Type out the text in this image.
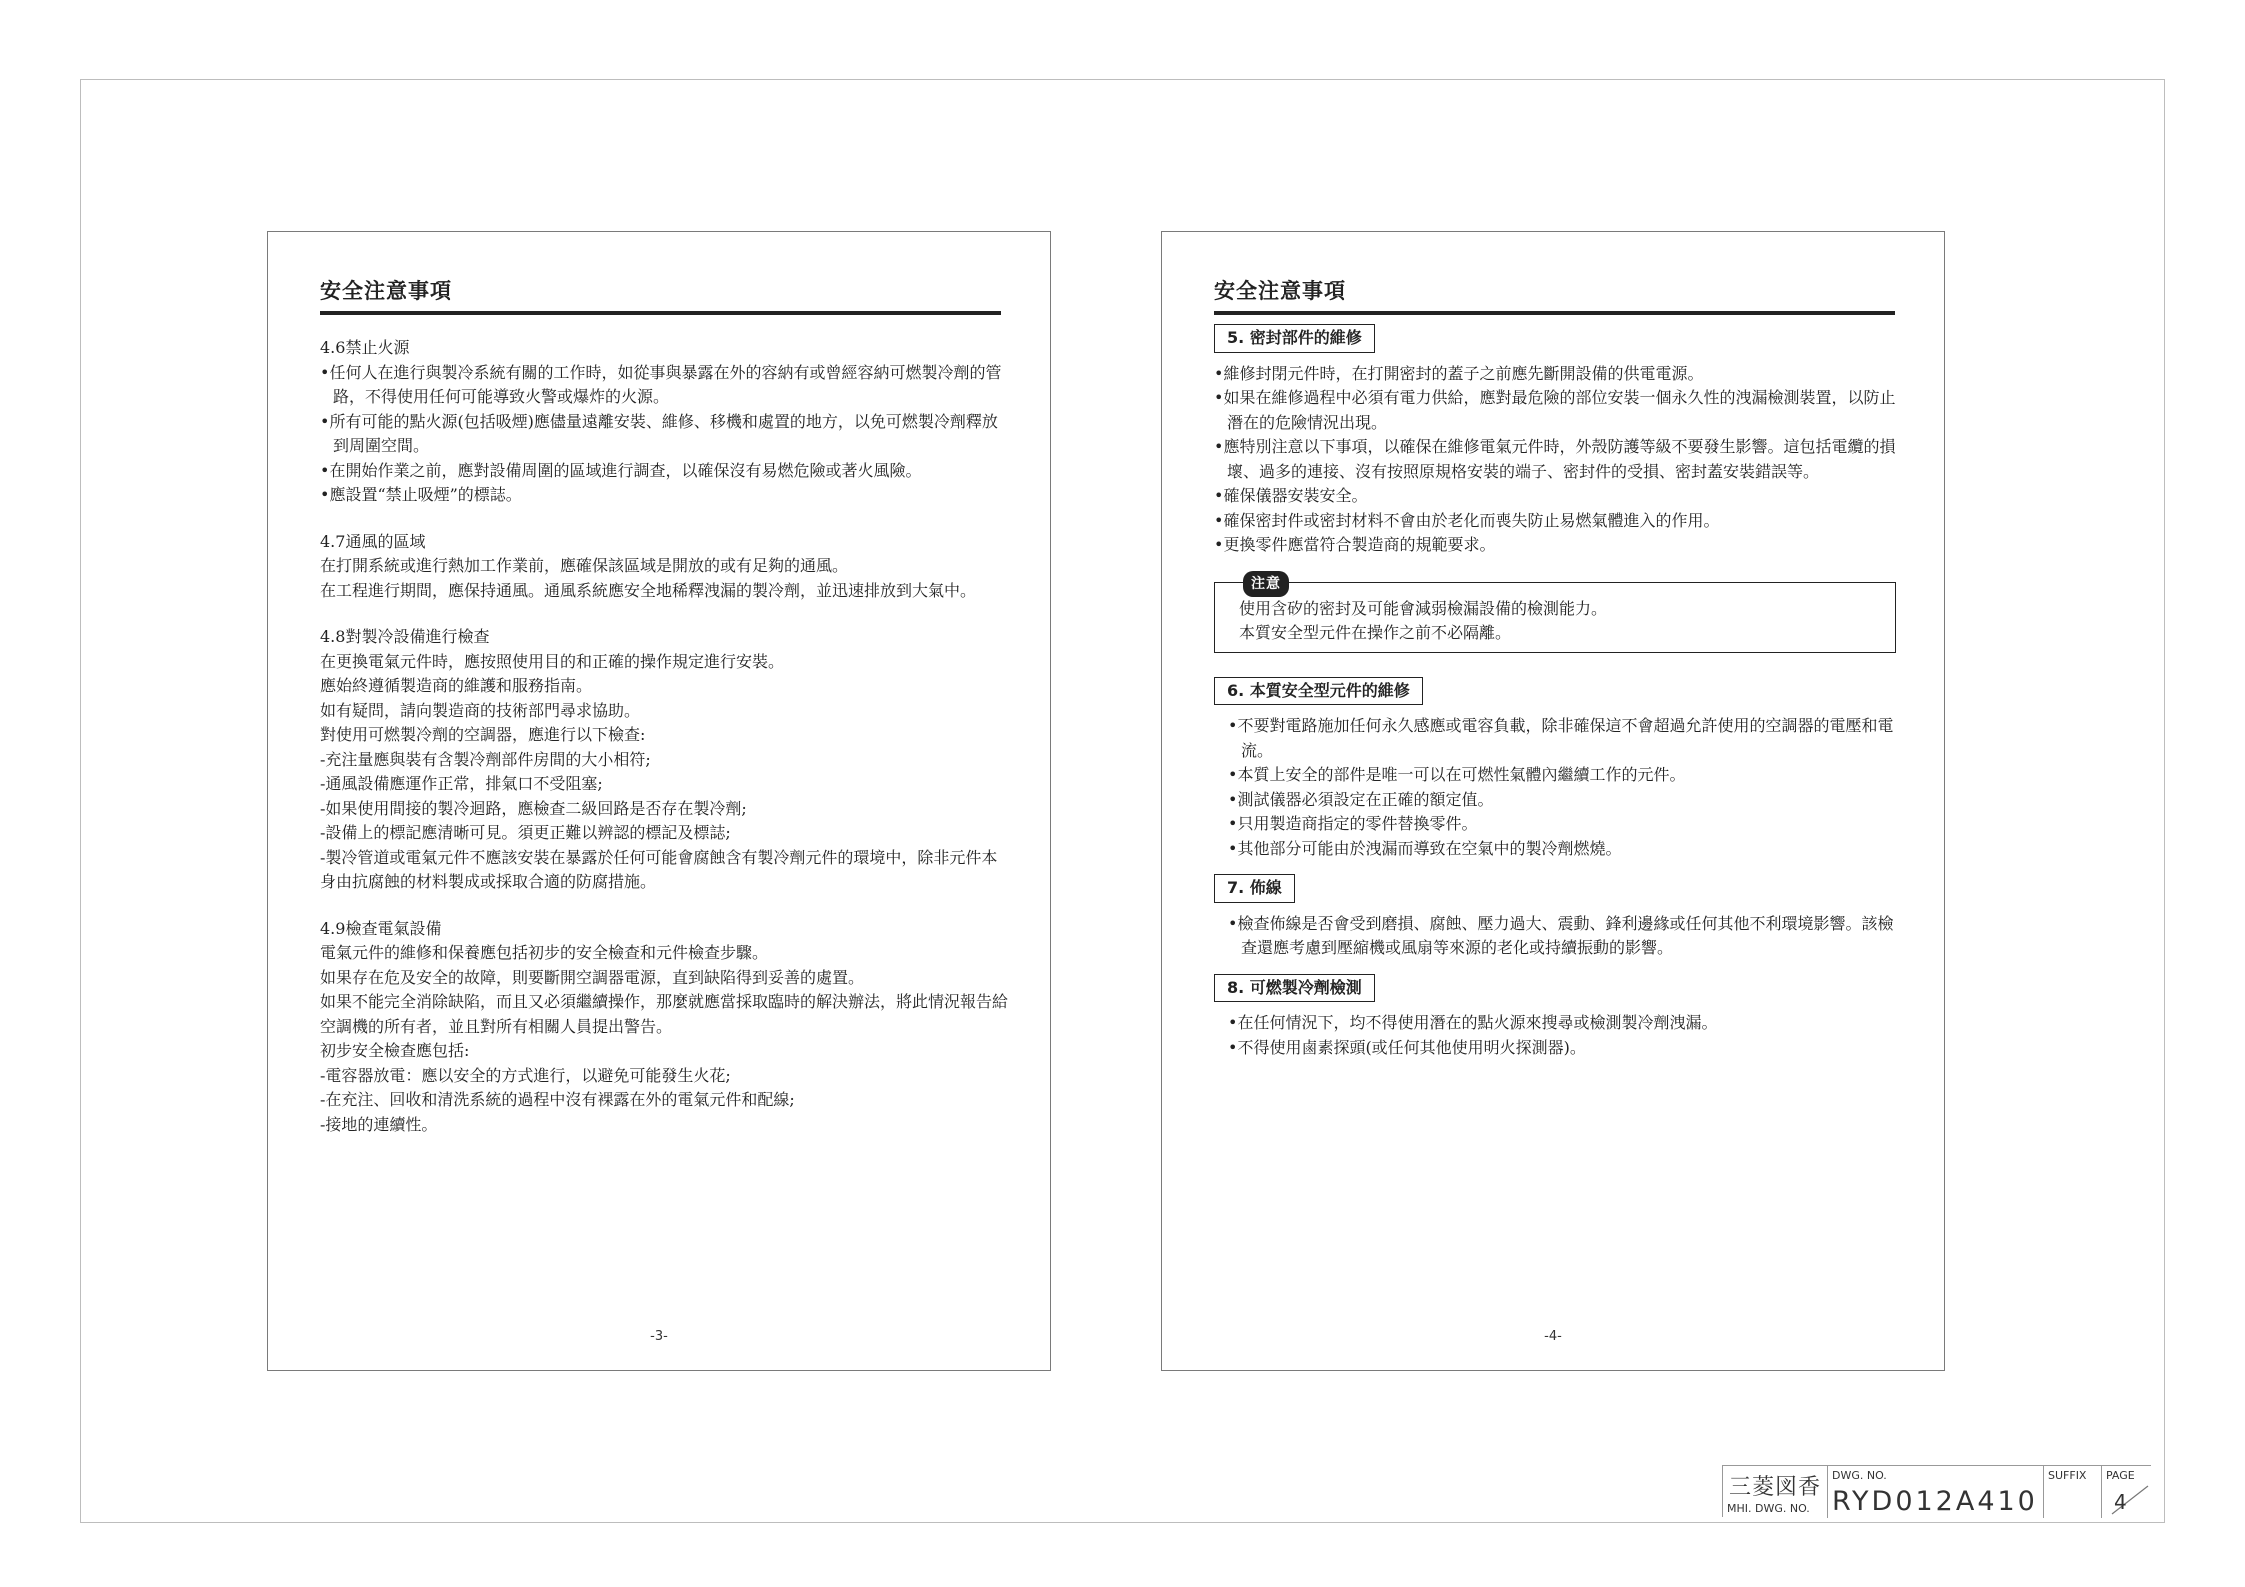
安全注意事項
4.6禁止火源

•任何人在進行與製冷系統有關的工作時，如從事與暴露在外的容納有或曾經容納可燃製冷劑的管路，不得使用任何可能導致火警或爆炸的火源。

•所有可能的點火源(包括吸煙)應儘量遠離安裝、維修、移機和處置的地方，以免可燃製冷劑釋放到周圍空間。

•在開始作業之前，應對設備周圍的區域進行調查，以確保沒有易燃危險或著火風險。

•應設置“禁止吸煙”的標誌。

4.7通風的區域

在打開系統或進行熱加工作業前，應確保該區域是開放的或有足夠的通風。

在工程進行期間，應保持通風。通風系統應安全地稀釋洩漏的製冷劑，並迅速排放到大氣中。

4.8對製冷設備進行檢查

在更換電氣元件時，應按照使用目的和正確的操作規定進行安裝。

應始終遵循製造商的維護和服務指南。

如有疑問，請向製造商的技術部門尋求協助。

對使用可燃製冷劑的空調器，應進行以下檢查:

-充注量應與裝有含製冷劑部件房間的大小相符;

-通風設備應運作正常，排氣口不受阻塞;

-如果使用間接的製冷迴路，應檢查二級回路是否存在製冷劑;

-設備上的標記應清晰可見。須更正難以辨認的標記及標誌;

-製冷管道或電氣元件不應該安裝在暴露於任何可能會腐蝕含有製冷劑元件的環境中，除非元件本身由抗腐蝕的材料製成或採取合適的防腐措施。

4.9檢查電氣設備

電氣元件的維修和保養應包括初步的安全檢查和元件檢查步驟。

如果存在危及安全的故障，則要斷開空調器電源，直到缺陷得到妥善的處置。

如果不能完全消除缺陷，而且又必須繼續操作，那麼就應當採取臨時的解決辦法，將此情況報告給空調機的所有者，並且對所有相關人員提出警告。

初步安全檢查應包括:

-電容器放電：應以安全的方式進行，以避免可能發生火花;

-在充注、回收和清洗系統的過程中沒有裸露在外的電氣元件和配線;

-接地的連續性。

-3-
安全注意事項
5. 密封部件的維修

•維修封閉元件時，在打開密封的蓋子之前應先斷開設備的供電電源。

•如果在維修過程中必須有電力供給，應對最危險的部位安裝一個永久性的洩漏檢測裝置，以防止潛在的危險情況出現。

•應特別注意以下事項，以確保在維修電氣元件時，外殼防護等級不要發生影響。這包括電纜的損壞、過多的連接、沒有按照原規格安裝的端子、密封件的受損、密封蓋安裝錯誤等。

•確保儀器安裝安全。

•確保密封件或密封材料不會由於老化而喪失防止易燃氣體進入的作用。

•更換零件應當符合製造商的規範要求。

注意

使用含矽的密封及可能會減弱檢漏設備的檢測能力。

本質安全型元件在操作之前不必隔離。

6. 本質安全型元件的維修

•不要對電路施加任何永久感應或電容負載，除非確保這不會超過允許使用的空調器的電壓和電流。

•本質上安全的部件是唯一可以在可燃性氣體內繼續工作的元件。

•測試儀器必須設定在正確的額定值。

•只用製造商指定的零件替換零件。

•其他部分可能由於洩漏而導致在空氣中的製冷劑燃燒。

7. 佈線

•檢查佈線是否會受到磨損、腐蝕、壓力過大、震動、鋒利邊緣或任何其他不利環境影響。該檢查還應考慮到壓縮機或風扇等來源的老化或持續振動的影響。

8. 可燃製冷劑檢測

•在任何情況下，均不得使用潛在的點火源來搜尋或檢測製冷劑洩漏。

•不得使用鹵素探頭(或任何其他使用明火探測器)。

-4-
三菱図香
MHI. DWG. NO.
DWG. NO.
RYD012A410
SUFFIX PAGE
4
